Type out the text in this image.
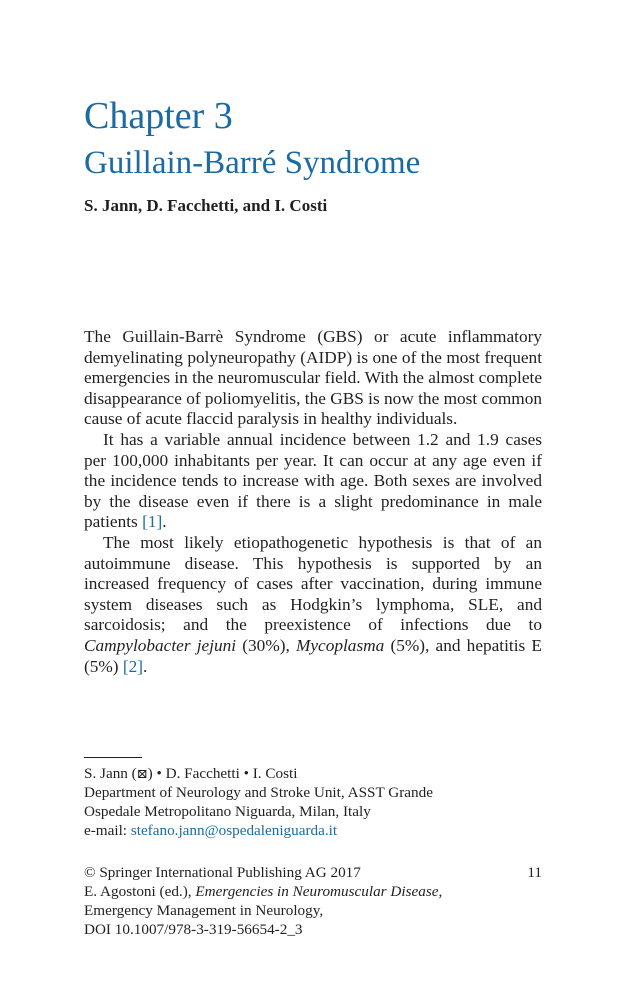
Chapter 3
Guillain-Barré Syndrome
S. Jann, D. Facchetti, and I. Costi

The Guillain-Barrè Syndrome (GBS) or acute inflammatory demyelinating polyneuropathy (AIDP) is one of the most frequent emergencies in the neuromuscular field. With the almost complete disappearance of poliomyelitis, the GBS is now the most common cause of acute flaccid paralysis in healthy individuals.

It has a variable annual incidence between 1.2 and 1.9 cases per 100,000 inhabitants per year. It can occur at any age even if the incidence tends to increase with age. Both sexes are involved by the disease even if there is a slight predominance in male patients [1].

The most likely etiopathogenetic hypothesis is that of an autoimmune disease. This hypothesis is supported by an increased frequency of cases after vaccination, during immune system diseases such as Hodgkin’s lymphoma, SLE, and sarcoidosis; and the preexistence of infections due to Campylobacter jejuni (30%), Mycoplasma (5%), and hepatitis E (5%) [2].

S. Jann (⊠) • D. Facchetti • I. Costi
Department of Neurology and Stroke Unit, ASST Grande
Ospedale Metropolitano Niguarda, Milan, Italy
e-mail: stefano.jann@ospedaleniguarda.it
© Springer International Publishing AG 2017	11
E. Agostoni (ed.), Emergencies in Neuromuscular Disease,
Emergency Management in Neurology,
DOI 10.1007/978-3-319-56654-2_3
